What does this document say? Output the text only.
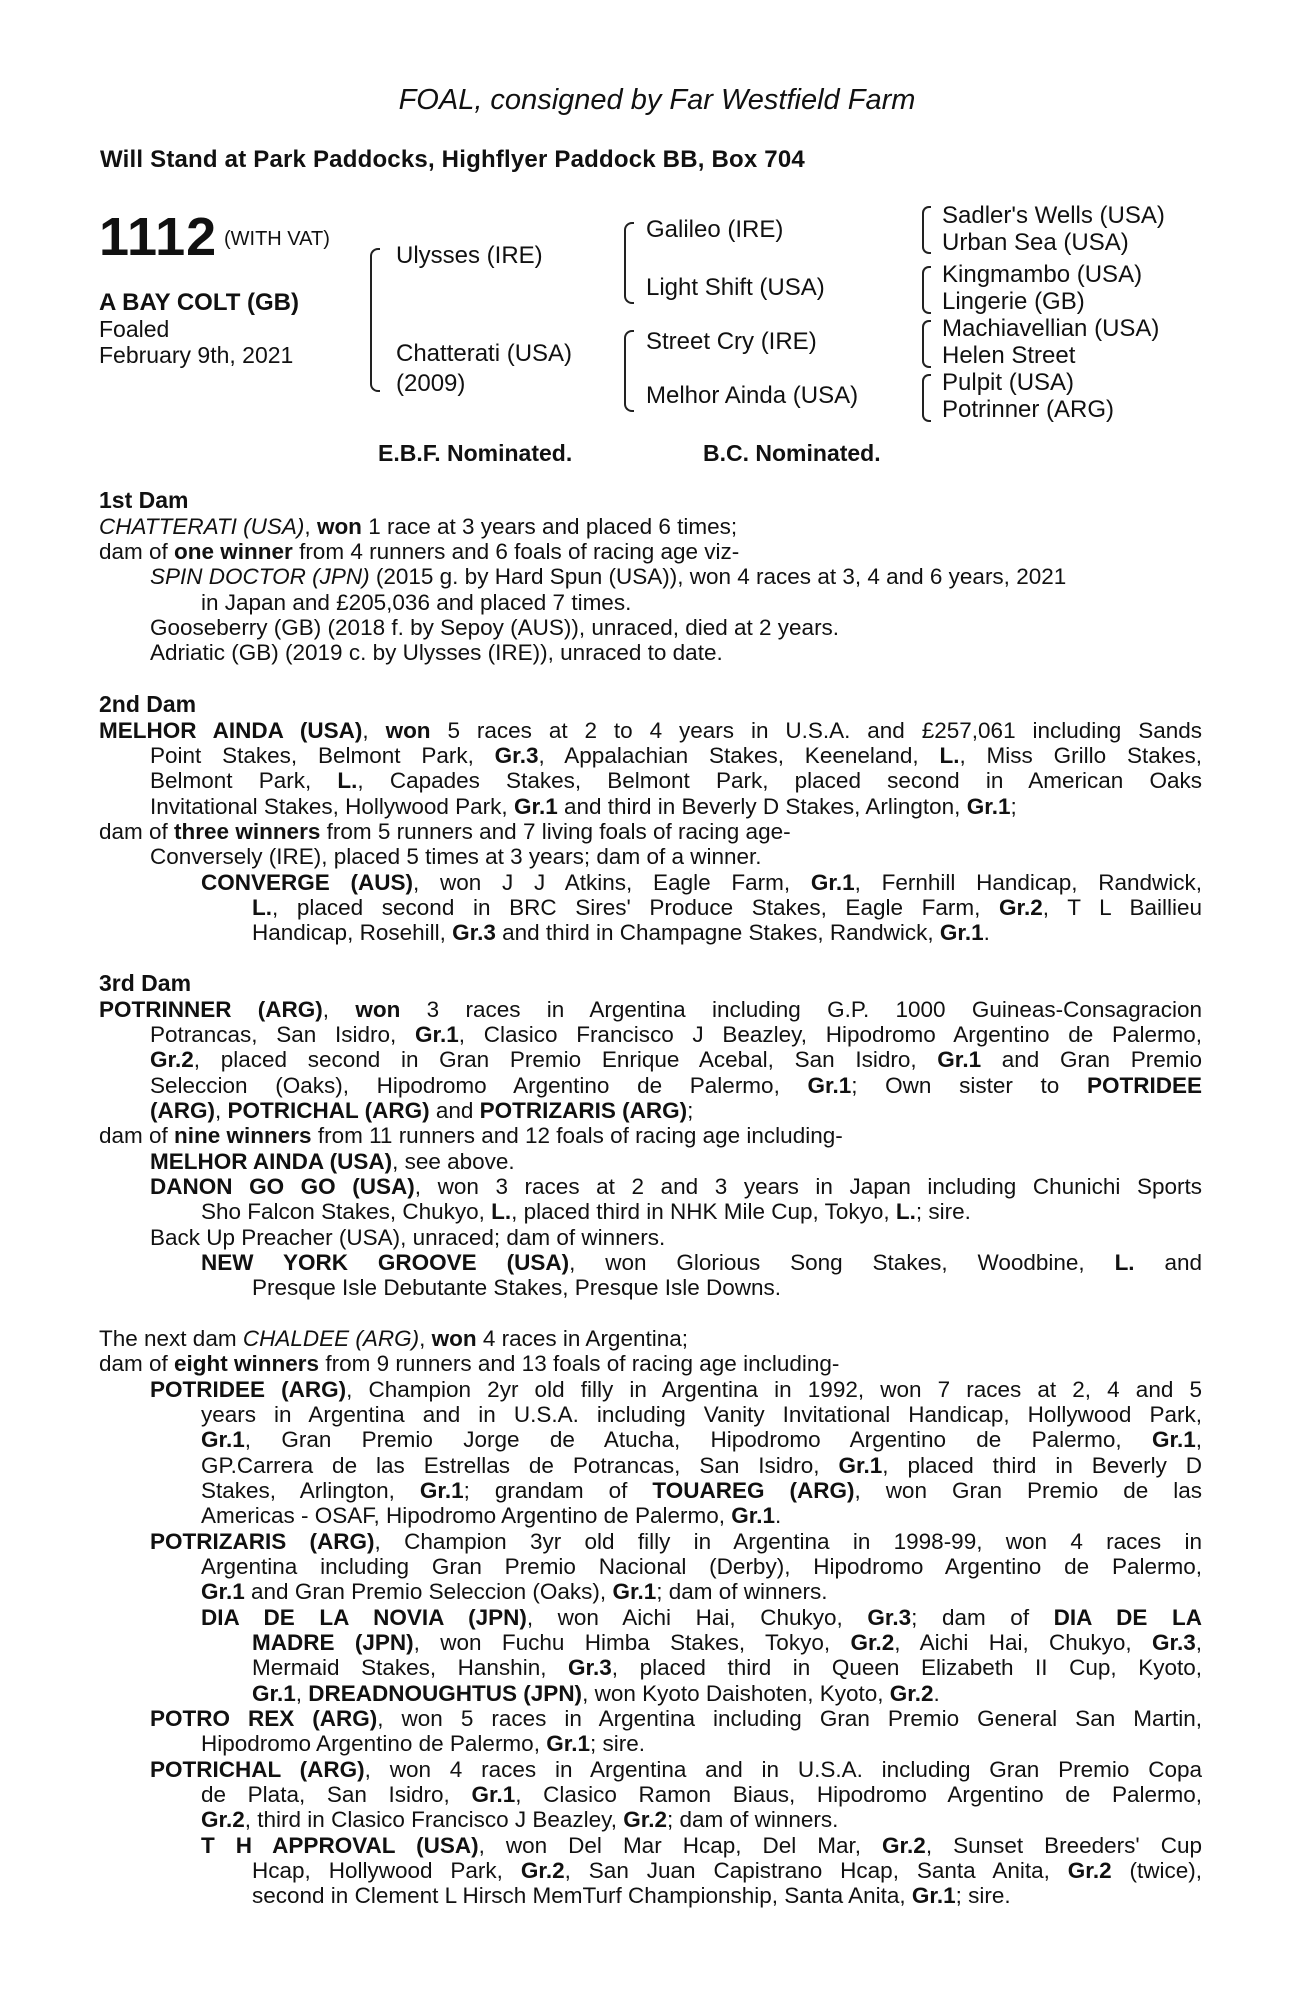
FOAL, consigned by Far Westfield Farm
Will Stand at Park Paddocks, Highflyer Paddock BB, Box 704
1112 (WITH VAT)
A BAY COLT (GB)
Foaled
February 9th, 2021
Ulysses (IRE)
Chatterati (USA)
(2009)
Galileo (IRE)
Light Shift (USA)
Street Cry (IRE)
Melhor Ainda (USA)
Sadler's Wells (USA)
Urban Sea (USA)
Kingmambo (USA)
Lingerie (GB)
Machiavellian (USA)
Helen Street
Pulpit (USA)
Potrinner (ARG)
E.B.F. Nominated.	B.C. Nominated.
1st Dam
CHATTERATI (USA), won 1 race at 3 years and placed 6 times;
dam of one winner from 4 runners and 6 foals of racing age viz-
SPIN DOCTOR (JPN) (2015 g. by Hard Spun (USA)), won 4 races at 3, 4 and 6 years, 2021
in Japan and £205,036 and placed 7 times.
Gooseberry (GB) (2018 f. by Sepoy (AUS)), unraced, died at 2 years.
Adriatic (GB) (2019 c. by Ulysses (IRE)), unraced to date.
2nd Dam
MELHOR AINDA (USA), won 5 races at 2 to 4 years in U.S.A. and £257,061 including Sands
Point Stakes, Belmont Park, Gr.3, Appalachian Stakes, Keeneland, L., Miss Grillo Stakes,
Belmont Park, L., Capades Stakes, Belmont Park, placed second in American Oaks
Invitational Stakes, Hollywood Park, Gr.1 and third in Beverly D Stakes, Arlington, Gr.1;
dam of three winners from 5 runners and 7 living foals of racing age-
Conversely (IRE), placed 5 times at 3 years; dam of a winner.
CONVERGE (AUS), won J J Atkins, Eagle Farm, Gr.1, Fernhill Handicap, Randwick,
L., placed second in BRC Sires' Produce Stakes, Eagle Farm, Gr.2, T L Baillieu
Handicap, Rosehill, Gr.3 and third in Champagne Stakes, Randwick, Gr.1.
3rd Dam
POTRINNER (ARG), won 3 races in Argentina including G.P. 1000 Guineas-Consagracion
Potrancas, San Isidro, Gr.1, Clasico Francisco J Beazley, Hipodromo Argentino de Palermo,
Gr.2, placed second in Gran Premio Enrique Acebal, San Isidro, Gr.1 and Gran Premio
Seleccion (Oaks), Hipodromo Argentino de Palermo, Gr.1; Own sister to POTRIDEE
(ARG), POTRICHAL (ARG) and POTRIZARIS (ARG);
dam of nine winners from 11 runners and 12 foals of racing age including-
MELHOR AINDA (USA), see above.
DANON GO GO (USA), won 3 races at 2 and 3 years in Japan including Chunichi Sports
Sho Falcon Stakes, Chukyo, L., placed third in NHK Mile Cup, Tokyo, L.; sire.
Back Up Preacher (USA), unraced; dam of winners.
NEW YORK GROOVE (USA), won Glorious Song Stakes, Woodbine, L. and
Presque Isle Debutante Stakes, Presque Isle Downs.
The next dam CHALDEE (ARG), won 4 races in Argentina;
dam of eight winners from 9 runners and 13 foals of racing age including-
POTRIDEE (ARG), Champion 2yr old filly in Argentina in 1992, won 7 races at 2, 4 and 5
years in Argentina and in U.S.A. including Vanity Invitational Handicap, Hollywood Park,
Gr.1, Gran Premio Jorge de Atucha, Hipodromo Argentino de Palermo, Gr.1,
GP.Carrera de las Estrellas de Potrancas, San Isidro, Gr.1, placed third in Beverly D
Stakes, Arlington, Gr.1; grandam of TOUAREG (ARG), won Gran Premio de las
Americas - OSAF, Hipodromo Argentino de Palermo, Gr.1.
POTRIZARIS (ARG), Champion 3yr old filly in Argentina in 1998-99, won 4 races in
Argentina including Gran Premio Nacional (Derby), Hipodromo Argentino de Palermo,
Gr.1 and Gran Premio Seleccion (Oaks), Gr.1; dam of winners.
DIA DE LA NOVIA (JPN), won Aichi Hai, Chukyo, Gr.3; dam of DIA DE LA
MADRE (JPN), won Fuchu Himba Stakes, Tokyo, Gr.2, Aichi Hai, Chukyo, Gr.3,
Mermaid Stakes, Hanshin, Gr.3, placed third in Queen Elizabeth II Cup, Kyoto,
Gr.1, DREADNOUGHTUS (JPN), won Kyoto Daishoten, Kyoto, Gr.2.
POTRO REX (ARG), won 5 races in Argentina including Gran Premio General San Martin,
Hipodromo Argentino de Palermo, Gr.1; sire.
POTRICHAL (ARG), won 4 races in Argentina and in U.S.A. including Gran Premio Copa
de Plata, San Isidro, Gr.1, Clasico Ramon Biaus, Hipodromo Argentino de Palermo,
Gr.2, third in Clasico Francisco J Beazley, Gr.2; dam of winners.
T H APPROVAL (USA), won Del Mar Hcap, Del Mar, Gr.2, Sunset Breeders' Cup
Hcap, Hollywood Park, Gr.2, San Juan Capistrano Hcap, Santa Anita, Gr.2 (twice),
second in Clement L Hirsch MemTurf Championship, Santa Anita, Gr.1; sire.
